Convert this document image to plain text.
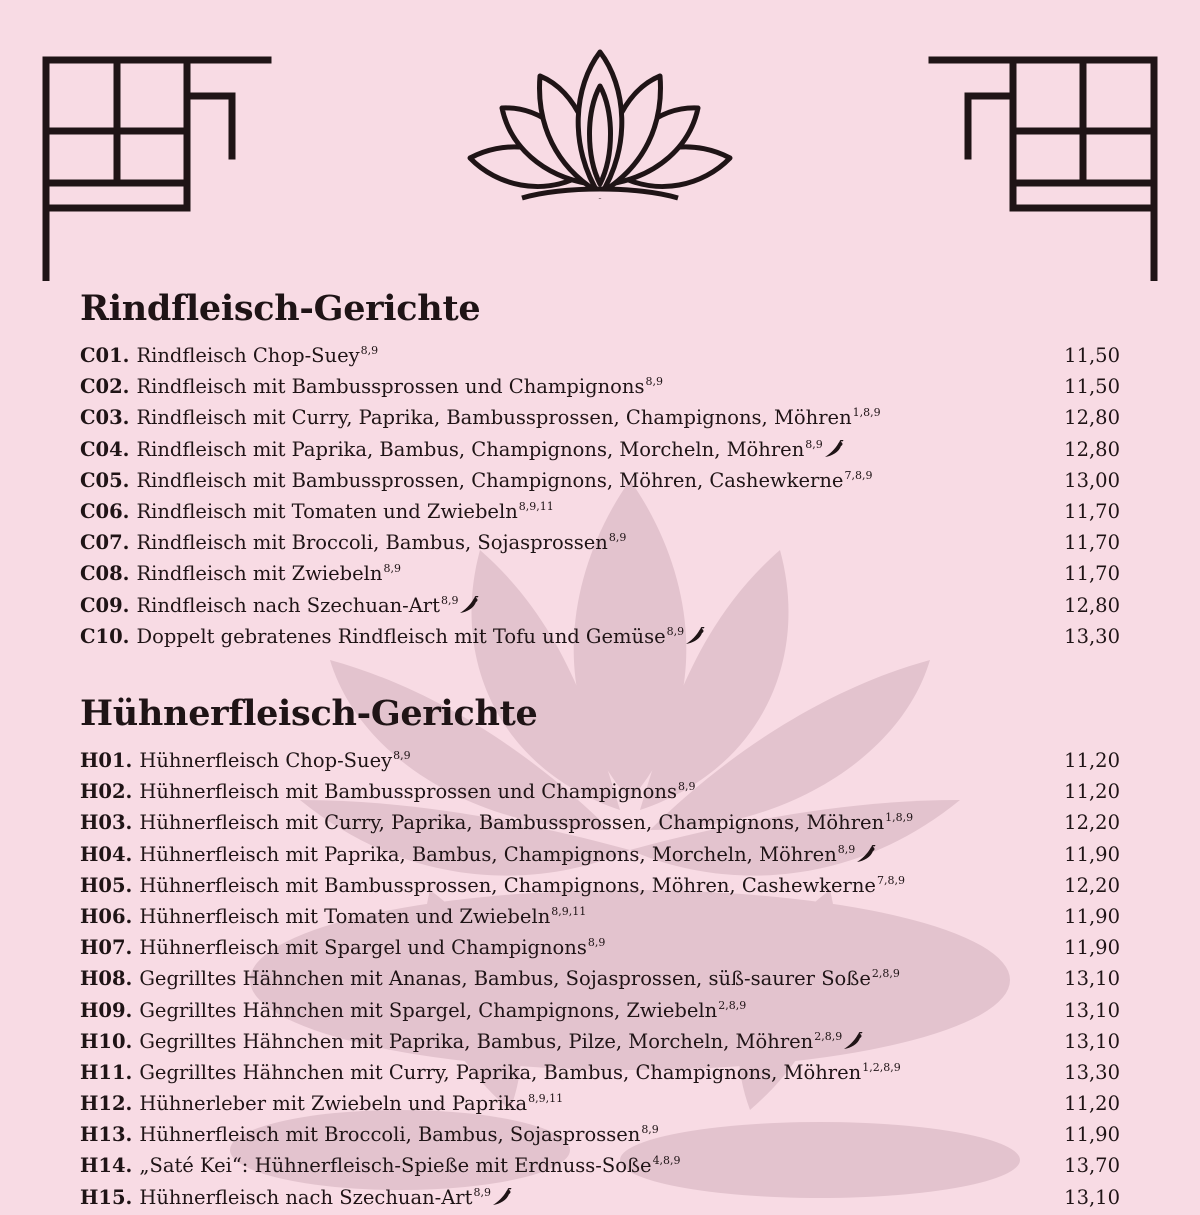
Rindfleisch-Gerichte
C01. Rindfleisch Chop-Suey$^{8,9}$	11,50
C02. Rindfleisch mit Bambussprossen und Champignons$^{8,9}$	11,50
C03. Rindfleisch mit Curry, Paprika, Bambussprossen, Champignons, Möhren$^{1,8,9}$	12,80
C04. Rindfleisch mit Paprika, Bambus, Champignons, Morcheln, Möhren$^{8,9}$	12,80
C05. Rindfleisch mit Bambussprossen, Champignons, Möhren, Cashewkerne$^{7,8,9}$	13,00
C06. Rindfleisch mit Tomaten und Zwiebeln$^{8,9,11}$	11,70
C07. Rindfleisch mit Broccoli, Bambus, Sojasprossen$^{8,9}$	11,70
C08. Rindfleisch mit Zwiebeln$^{8,9}$	11,70
C09. Rindfleisch nach Szechuan-Art$^{8,9}$	12,80
C10. Doppelt gebratenes Rindfleisch mit Tofu und Gemüse$^{8,9}$	13,30
Hühnerfleisch-Gerichte
H01. Hühnerfleisch Chop-Suey$^{8,9}$	11,20
H02. Hühnerfleisch mit Bambussprossen und Champignons$^{8,9}$	11,20
H03. Hühnerfleisch mit Curry, Paprika, Bambussprossen, Champignons, Möhren$^{1,8,9}$	12,20
H04. Hühnerfleisch mit Paprika, Bambus, Champignons, Morcheln, Möhren$^{8,9}$	11,90
H05. Hühnerfleisch mit Bambussprossen, Champignons, Möhren, Cashewkerne$^{7,8,9}$	12,20
H06. Hühnerfleisch mit Tomaten und Zwiebeln$^{8,9,11}$	11,90
H07. Hühnerfleisch mit Spargel und Champignons$^{8,9}$	11,90
H08. Gegrilltes Hähnchen mit Ananas, Bambus, Sojasprossen, süß-saurer Soße$^{2,8,9}$	13,10
H09. Gegrilltes Hähnchen mit Spargel, Champignons, Zwiebeln$^{2,8,9}$	13,10
H10. Gegrilltes Hähnchen mit Paprika, Bambus, Pilze, Morcheln, Möhren$^{2,8,9}$	13,10
H11. Gegrilltes Hähnchen mit Curry, Paprika, Bambus, Champignons, Möhren$^{1,2,8,9}$	13,30
H12. Hühnerleber mit Zwiebeln und Paprika$^{8,9,11}$	11,20
H13. Hühnerfleisch mit Broccoli, Bambus, Sojasprossen$^{8,9}$	11,90
H14. „Saté Kei“: Hühnerfleisch-Spieße mit Erdnuss-Soße$^{4,8,9}$	13,70
H15. Hühnerfleisch nach Szechuan-Art$^{8,9}$	13,10
